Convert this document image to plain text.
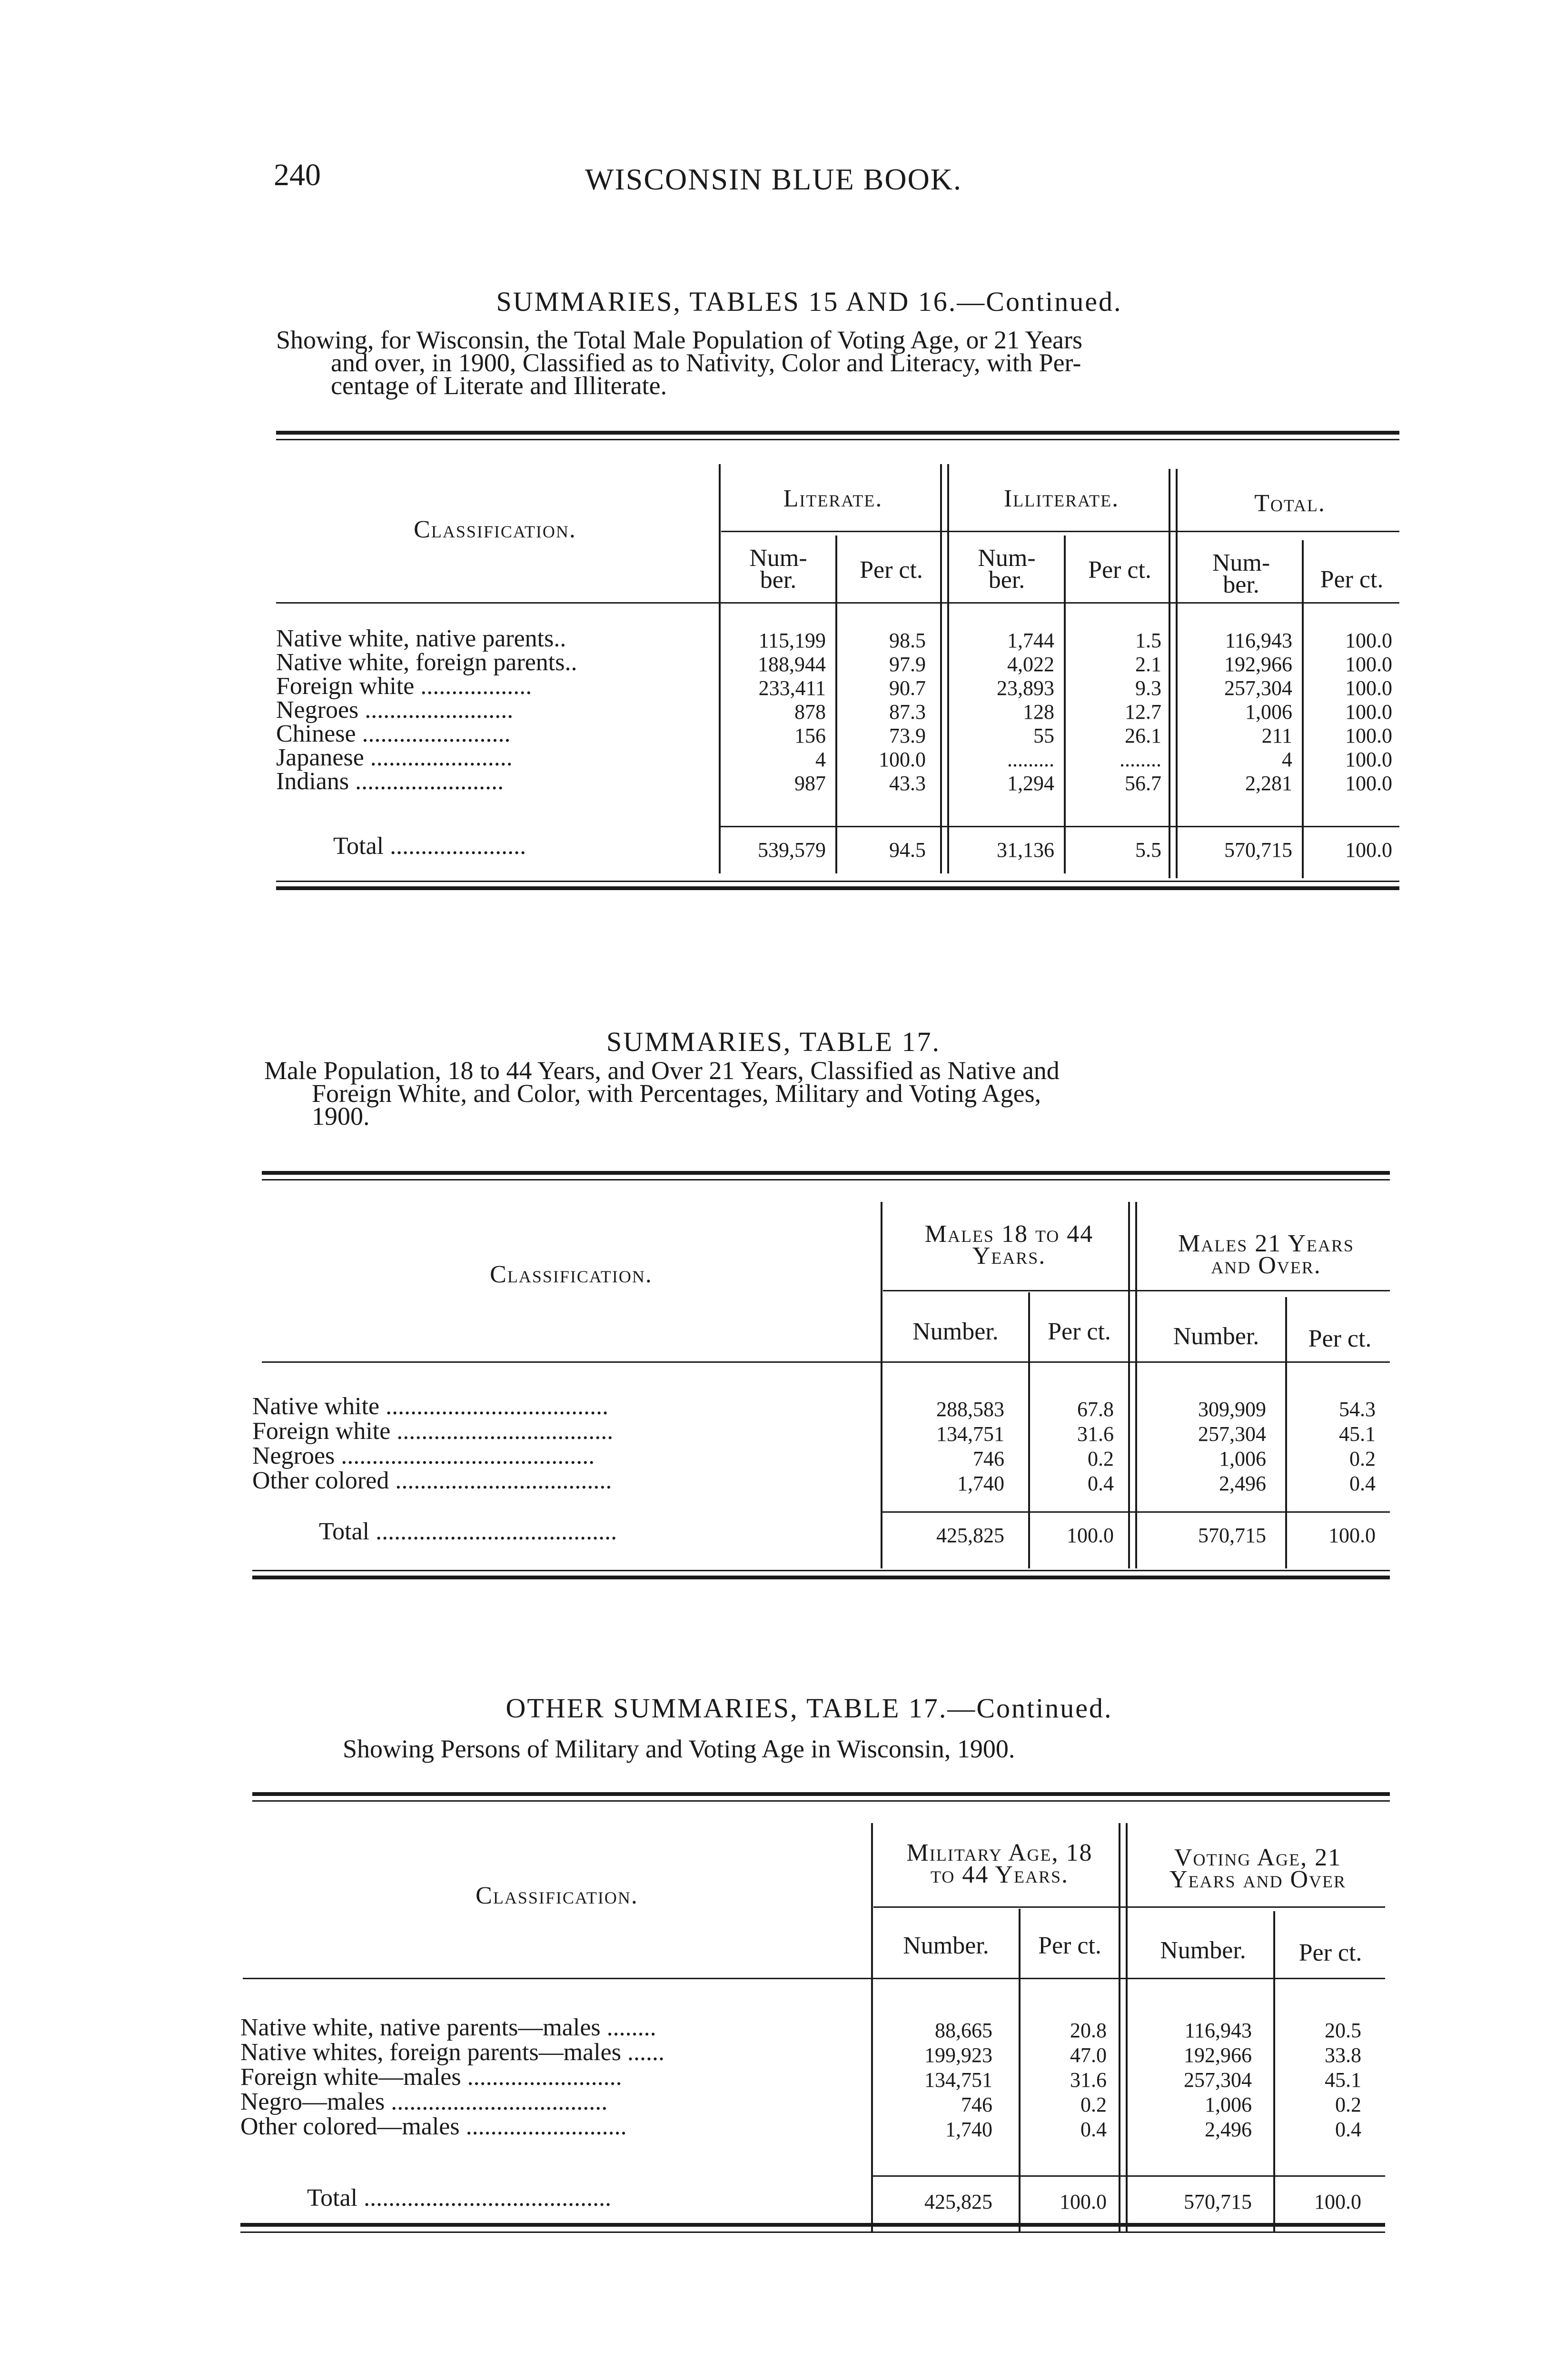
240	WISCONSIN BLUE BOOK.
SUMMARIES, TABLES 15 AND 16.—Continued.
Showing, for Wisconsin, the Total Male Population of Voting Age, or 21 Years
and over, in 1900, Classified as to Nativity, Color and Literacy, with Per-
centage of Literate and Illiterate.
Classification.
Literate.	Illiterate.	Total.
Num-
ber.	Per ct.	Num-
ber.	Per ct.	Num-
ber.	Per ct.
Native white, native parents..	115,199	98.5	1,744	1.5	116,943	100.0
Native white, foreign parents..	188,944	97.9	4,022	2.1	192,966	100.0
Foreign white ..................	233,411	90.7	23,893	9.3	257,304	100.0
Negroes ........................	878	87.3	128	12.7	1,006	100.0
Chinese ........................	156	73.9	55	26.1	211	100.0
Japanese .......................	4	100.0	.........	........	4	100.0
Indians ........................	987	43.3	1,294	56.7	2,281	100.0
Total ......................	539,579	94.5	31,136	5.5	570,715	100.0
SUMMARIES, TABLE 17.
Male Population, 18 to 44 Years, and Over 21 Years, Classified as Native and
Foreign White, and Color, with Percentages, Military and Voting Ages,
1900.
Classification.
Males 18 to 44
Years.	Males 21 Years
and Over.
Number.	Per ct.	Number.	Per ct.
Native white ....................................	288,583	67.8	309,909	54.3
Foreign white ...................................	134,751	31.6	257,304	45.1
Negroes .........................................	746	0.2	1,006	0.2
Other colored ...................................	1,740	0.4	2,496	0.4
Total .......................................	425,825	100.0	570,715	100.0
OTHER SUMMARIES, TABLE 17.—Continued.
Showing Persons of Military and Voting Age in Wisconsin, 1900.
Classification.
Military Age, 18
to 44 Years.
Voting Age, 21
Years and Over
Number.	Per ct.	Number.	Per ct.
Native white, native parents—males ........	88,665	20.8	116,943	20.5
Native whites, foreign parents—males ......	199,923	47.0	192,966	33.8
Foreign white—males .........................	134,751	31.6	257,304	45.1
Negro—males ...................................	746	0.2	1,006	0.2
Other colored—males ..........................	1,740	0.4	2,496	0.4
Total ........................................	425,825	100.0	570,715	100.0
